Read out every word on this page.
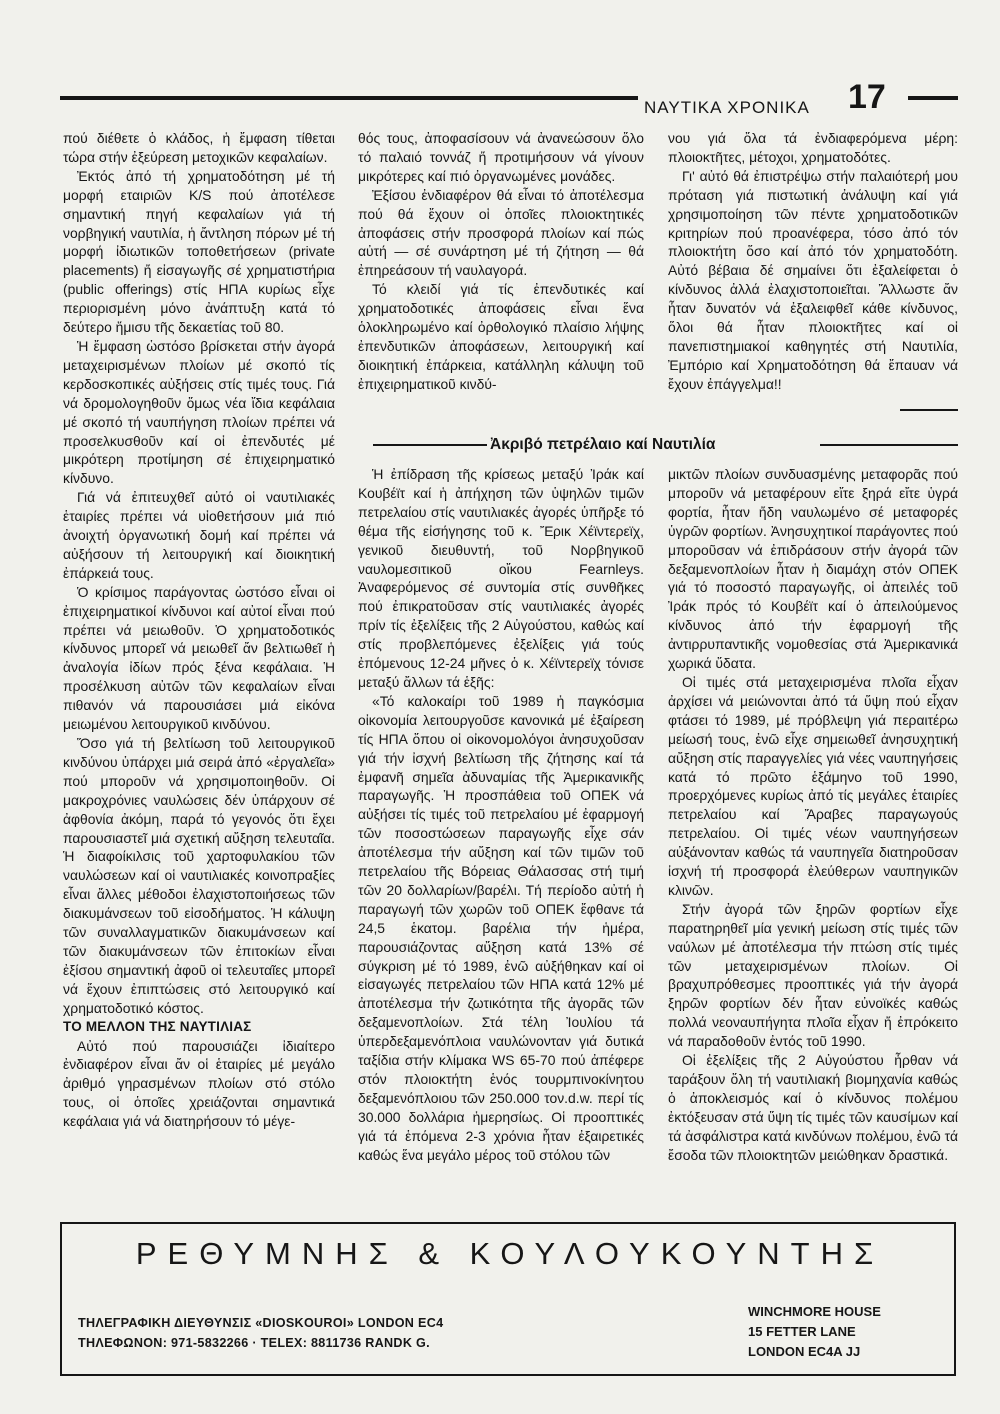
ΝΑΥΤΙΚΑ ΧΡΟΝΙΚΑ	17

πού διέθετε ὁ κλάδος, ἡ ἔμφαση τίθεται τώρα στήν ἐξεύρεση μετοχικῶν κεφαλαίων.

Ἐκτός ἀπό τή χρηματοδότηση μέ τή μορφή εταιριῶν K/S πού ἀποτέλεσε σημαντική πηγή κεφαλαίων γιά τή νορβηγική ναυτιλία, ἡ ἄντληση πόρων μέ τή μορφή ἰδιωτικῶν τοποθετήσεων (private placements) ἤ εἰσαγωγῆς σέ χρηματιστήρια (public offerings) στίς ΗΠΑ κυρίως εἶχε περιορισμένη μόνο ἀνάπτυξη κατά τό δεύτερο ἥμισυ τῆς δεκαετίας τοῦ 80.

Ἡ ἔμφαση ὡστόσο βρίσκεται στήν ἀγορά μεταχειρισμένων πλοίων μέ σκοπό τίς κερδοσκοπικές αὐξήσεις στίς τιμές τους. Γιά νά δρομολογηθοῦν ὅμως νέα ἴδια κεφάλαια μέ σκοπό τή ναυπήγηση πλοίων πρέπει νά προσελκυσθοῦν καί οἱ ἐπενδυτές μέ μικρότερη προτίμηση σέ ἐπιχειρηματικό κίνδυνο.

Γιά νά ἐπιτευχθεῖ αὐτό οἱ ναυτιλιακές ἑταιρίες πρέπει νά υἱοθετήσουν μιά πιό ἀνοιχτή ὀργανωτική δομή καί πρέπει νά αὐξήσουν τή λειτουργική καί διοικητική ἐπάρκειά τους.

Ὁ κρίσιμος παράγοντας ὡστόσο εἶναι οἱ ἐπιχειρηματικοί κίνδυνοι καί αὐτοί εἶναι πού πρέπει νά μειωθοῦν. Ὁ χρηματοδοτικός κίνδυνος μπορεῖ νά μειωθεῖ ἄν βελτιωθεῖ ἡ ἀναλογία ἰδίων πρός ξένα κεφάλαια. Ἡ προσέλκυση αὐτῶν τῶν κεφαλαίων εἶναι πιθανόν νά παρουσιάσει μιά εἰκόνα μειωμένου λειτουργικοῦ κινδύνου.

Ὅσο γιά τή βελτίωση τοῦ λειτουργικοῦ κινδύνου ὑπάρχει μιά σειρά ἀπό «ἐργαλεῖα» πού μποροῦν νά χρησιμοποιηθοῦν. Οἱ μακροχρόνιες ναυλώσεις δέν ὑπάρχουν σέ ἀφθονία ἀκόμη, παρά τό γεγονός ὅτι ἔχει παρουσιαστεῖ μιά σχετική αὔξηση τελευταῖα. Ἡ διαφοίκιλσις τοῦ χαρτοφυλακίου τῶν ναυλώσεων καί οἱ ναυτιλιακές κοινοπραξίες εἶναι ἄλλες μέθοδοι ἐλαχιστοποιήσεως τῶν διακυμάνσεων τοῦ εἰσοδήματος. Ἡ κάλυψη τῶν συναλλαγματικῶν διακυμάνσεων καί τῶν διακυμάνσεων τῶν ἐπιτοκίων εἶναι ἐξίσου σημαντική ἀφοῦ οἱ τελευταῖες μπορεῖ νά ἔχουν ἐπιπτώσεις στό λειτουργικό καί χρηματοδοτικό κόστος.

ΤΟ ΜΕΛΛΟΝ ΤΗΣ ΝΑΥΤΙΛΙΑΣ

Αὐτό πού παρουσιάζει ἰδιαίτερο ἐνδιαφέρον εἶναι ἄν οἱ ἑταιρίες μέ μεγάλο ἀριθμό γηρασμένων πλοίων στό στόλο τους, οἱ ὁποῖες χρειάζονται σημαντικά κεφάλαια γιά νά διατηρήσουν τό μέγε-

θός τους, ἀποφασίσουν νά ἀνανεώσουν ὅλο τό παλαιό τοννάζ ἤ προτιμήσουν νά γίνουν μικρότερες καί πιό ὀργανωμένες μονάδες.

Ἐξίσου ἐνδιαφέρον θά εἶναι τό ἀποτέλεσμα πού θά ἔχουν οἱ ὁποῖες πλοιοκτητικές ἀποφάσεις στήν προσφορά πλοίων καί πώς αὐτή — σέ συνάρτηση μέ τή ζήτηση — θά ἐπηρεάσουν τή ναυλαγορά.

Τό κλειδί γιά τίς ἐπενδυτικές καί χρηματοδοτικές ἀποφάσεις εἶναι ἕνα ὁλοκληρωμένο καί ὀρθολογικό πλαίσιο λήψης ἐπενδυτικῶν ἀποφάσεων, λειτουργική καί διοικητική ἐπάρκεια, κατάλληλη κάλυψη τοῦ ἐπιχειρηματικοῦ κινδύ-

νου γιά ὅλα τά ἐνδιαφερόμενα μέρη: πλοιοκτῆτες, μέτοχοι, χρηματοδότες.

Γι' αὐτό θά ἐπιστρέψω στήν παλαιότερή μου πρόταση γιά πιστωτική ἀνάλυψη καί γιά χρησιμοποίηση τῶν πέντε χρηματοδοτικῶν κριτηρίων πού προανέφερα, τόσο ἀπό τόν πλοιοκτήτη ὅσο καί ἀπό τόν χρηματοδότη. Αὐτό βέβαια δέ σημαίνει ὅτι ἐξαλείφεται ὁ κίνδυνος ἀλλά ἐλαχιστοποιεῖται. Ἄλλωστε ἄν ἦταν δυνατόν νά ἐξαλειφθεῖ κάθε κίνδυνος, ὅλοι θά ἦταν πλοιοκτῆτες καί οἱ πανεπιστημιακοί καθηγητές στή Ναυτιλία, Ἐμπόριο καί Χρηματοδότηση θά ἔπαυαν νά ἔχουν ἐπάγγελμα!!

Ἀκριβό πετρέλαιο καί Ναυτιλία

Ἡ ἐπίδραση τῆς κρίσεως μεταξύ Ἰράκ καί Κουβέϊτ καί ἡ ἀπήχηση τῶν ὑψηλῶν τιμῶν πετρελαίου στίς ναυτιλιακές ἀγορές ὑπῆρξε τό θέμα τῆς εἰσήγησης τοῦ κ. Ἔρικ Χέϊντερεϊχ, γενικοῦ διευθυντή, τοῦ Νορβηγικοῦ ναυλομεσιτικοῦ οἴκου Fearnleys. Ἀναφερόμενος σέ συντομία στίς συνθῆκες πού ἐπικρατοῦσαν στίς ναυτιλιακές ἀγορές πρίν τίς ἐξελίξεις τῆς 2 Αὐγούστου, καθώς καί στίς προβλεπόμενες ἐξελίξεις γιά τούς ἐπόμενους 12-24 μῆνες ὁ κ. Χέϊντερεϊχ τόνισε μεταξύ ἄλλων τά ἑξῆς:

«Τό καλοκαίρι τοῦ 1989 ἡ παγκόσμια οἰκονομία λειτουργοῦσε κανονικά μέ ἐξαίρεση τίς ΗΠΑ ὅπου οἱ οἰκονομολόγοι ἀνησυχοῦσαν γιά τήν ἰσχνή βελτίωση τῆς ζήτησης καί τά ἐμφανῆ σημεῖα ἀδυναμίας τῆς Ἀμερικανικῆς παραγωγῆς. Ἡ προσπάθεια τοῦ ΟΠΕΚ νά αὐξήσει τίς τιμές τοῦ πετρελαίου μέ ἐφαρμογή τῶν ποσοστώσεων παραγωγῆς εἶχε σάν ἀποτέλεσμα τήν αὔξηση καί τῶν τιμῶν τοῦ πετρελαίου τῆς Βόρειας Θάλασσας στή τιμή τῶν 20 δολλαρίων/βαρέλι. Τή περίοδο αὐτή ἡ παραγωγή τῶν χωρῶν τοῦ ΟΠΕΚ ἔφθανε τά 24,5 ἑκατομ. βαρέλια τήν ἡμέρα, παρουσιάζοντας αὔξηση κατά 13% σέ σύγκριση μέ τό 1989, ἐνῶ αὐξήθηκαν καί οἱ εἰσαγωγές πετρελαίου τῶν ΗΠΑ κατά 12% μέ ἀποτέλεσμα τήν ζωτικότητα τῆς ἀγορᾶς τῶν δεξαμενοπλοίων. Στά τέλη Ἰουλίου τά ὑπερδεξαμενόπλοια ναυλώνονταν γιά δυτικά ταξίδια στήν κλίμακα WS 65-70 πού ἀπέφερε στόν πλοιοκτήτη ἑνός τουρμπινοκίνητου δεξαμενόπλοιου τῶν 250.000 τον.d.w. περί τίς 30.000 δολλάρια ἡμερησίως. Οἱ προοπτικές γιά τά ἑπόμενα 2-3 χρόνια ἦταν ἐξαιρετικές καθώς ἕνα μεγάλο μέρος τοῦ στόλου τῶν

μικτῶν πλοίων συνδυασμένης μεταφορᾶς πού μποροῦν νά μεταφέρουν εἴτε ξηρά εἴτε ὑγρά φορτία, ἦταν ἤδη ναυλωμένο σέ μεταφορές ὑγρῶν φορτίων. Ἀνησυχητικοί παράγοντες πού μποροῦσαν νά ἐπιδράσουν στήν ἀγορά τῶν δεξαμενοπλοίων ἦταν ἡ διαμάχη στόν ΟΠΕΚ γιά τό ποσοστό παραγωγῆς, οἱ ἀπειλές τοῦ Ἰράκ πρός τό Κουβέϊτ καί ὁ ἀπειλούμενος κίνδυνος ἀπό τήν ἐφαρμογή τῆς ἀντιρρυπαντικῆς νομοθεσίας στά Ἀμερικανικά χωρικά ὕδατα.

Οἱ τιμές στά μεταχειρισμένα πλοῖα εἶχαν ἀρχίσει νά μειώνονται ἀπό τά ὕψη πού εἶχαν φτάσει τό 1989, μέ πρόβλεψη γιά περαιτέρω μείωσή τους, ἐνῶ εἶχε σημειωθεῖ ἀνησυχητική αὔξηση στίς παραγγελίες γιά νέες ναυπηγήσεις κατά τό πρῶτο ἑξάμηνο τοῦ 1990, προερχόμενες κυρίως ἀπό τίς μεγάλες ἑταιρίες πετρελαίου καί Ἄραβες παραγωγούς πετρελαίου. Οἱ τιμές νέων ναυπηγήσεων αὐξάνονταν καθώς τά ναυπηγεῖα διατηροῦσαν ἰσχνή τή προσφορά ἐλεύθερων ναυπηγικῶν κλινῶν.

Στήν ἀγορά τῶν ξηρῶν φορτίων εἶχε παρατηρηθεῖ μία γενική μείωση στίς τιμές τῶν ναύλων μέ ἀποτέλεσμα τήν πτώση στίς τιμές τῶν μεταχειρισμένων πλοίων. Οἱ βραχυπρόθεσμες προοπτικές γιά τήν ἀγορά ξηρῶν φορτίων δέν ἦταν εὐνοϊκές καθώς πολλά νεοναυπήγητα πλοῖα εἶχαν ἤ ἐπρόκειτο νά παραδοθοῦν ἐντός τοῦ 1990.

Οἱ ἐξελίξεις τῆς 2 Αὐγούστου ἦρθαν νά ταράξουν ὅλη τή ναυτιλιακή βιομηχανία καθώς ὁ ἀποκλεισμός καί ὁ κίνδυνος πολέμου ἐκτόξευσαν στά ὕψη τίς τιμές τῶν καυσίμων καί τά ἀσφάλιστρα κατά κινδύνων πολέμου, ἐνῶ τά ἔσοδα τῶν πλοιοκτητῶν μειώθηκαν δραστικά.

ΡΕΘΥΜΝΗΣ & ΚΟΥΛΟΥΚΟΥΝΤΗΣ
ΤΗΛΕΓΡΑΦΙΚΗ ΔΙΕΥΘΥΝΣΙΣ «DIOSKOUROI» LONDON EC4
ΤΗΛΕΦΩΝΟΝ: 971-5832266 · TELEX: 8811736 RANDK G.
WINCHMORE HOUSE
15 FETTER LANE
LONDON EC4A JJ
